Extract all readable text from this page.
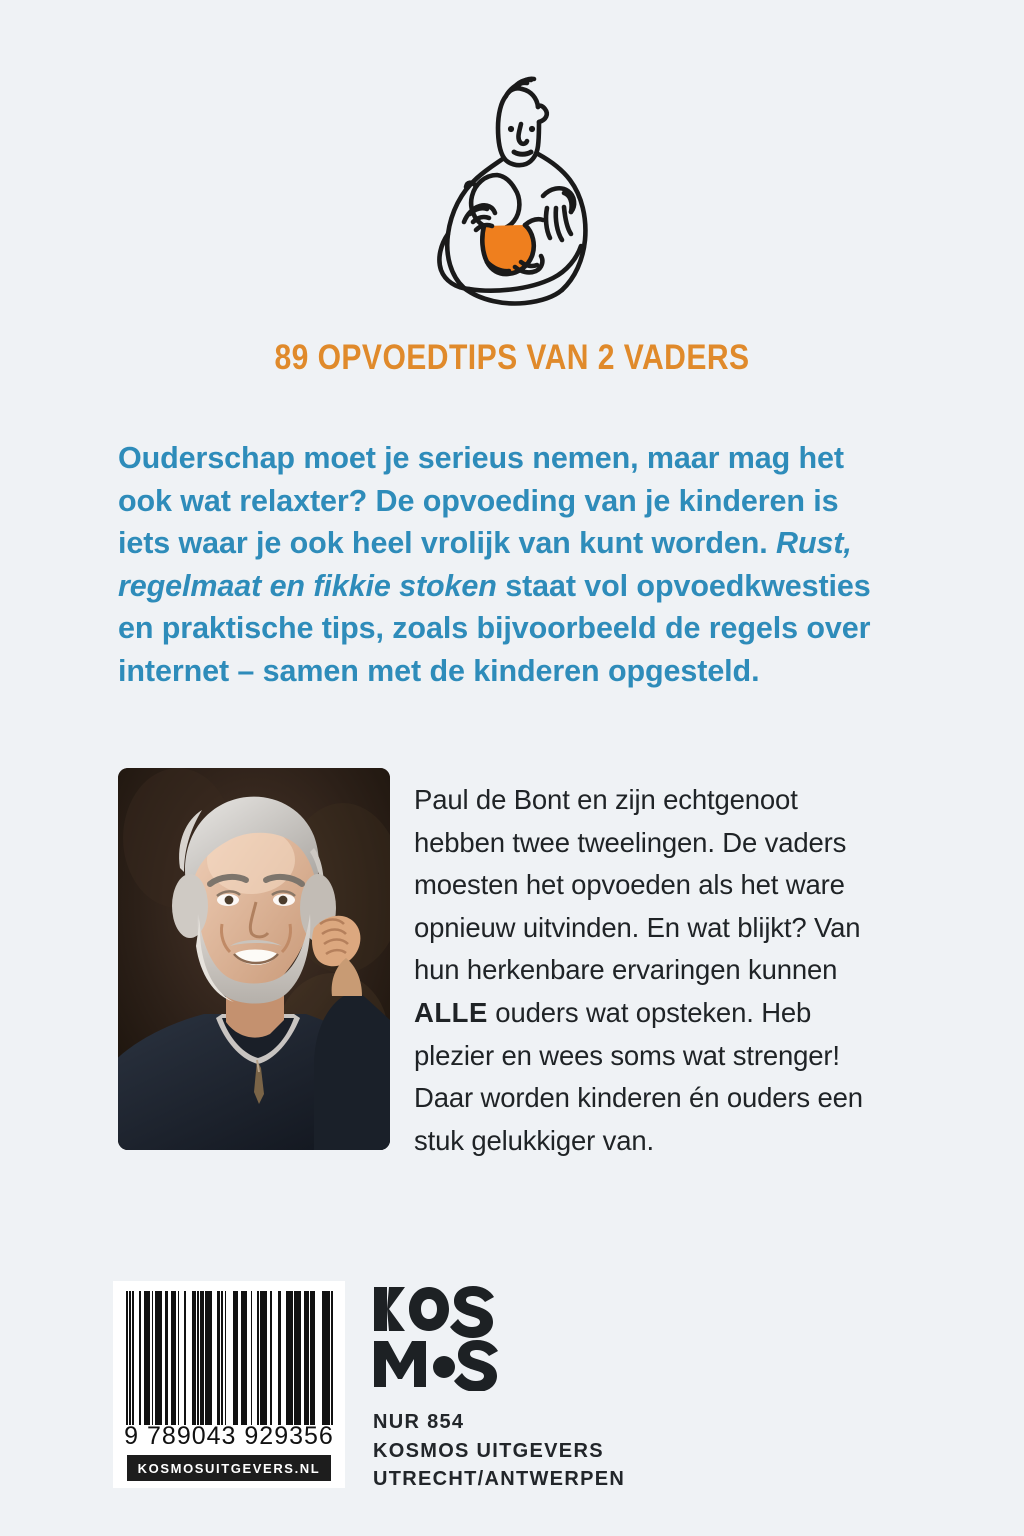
89 OPVOEDTIPS VAN 2 VADERS

Ouderschap moet je serieus nemen, maar mag het ook wat relaxter? De opvoeding van je kinderen is iets waar je ook heel vrolijk van kunt worden. Rust, regelmaat en fikkie stoken staat vol opvoedkwesties en praktische tips, zoals bijvoorbeeld de regels over internet – samen met de kinderen opgesteld.

Paul de Bont en zijn echtgenoot hebben twee tweelingen. De vaders moesten het opvoeden als het ware opnieuw uitvinden. En wat blijkt? Van hun herkenbare ervaringen kunnen ALLE ouders wat opsteken. Heb plezier en wees soms wat strenger! Daar worden kinderen én ouders een stuk gelukkiger van.

9 789043 929356
KOSMOSUITGEVERS.NL
NUR 854
KOSMOS UITGEVERS
UTRECHT/ANTWERPEN
